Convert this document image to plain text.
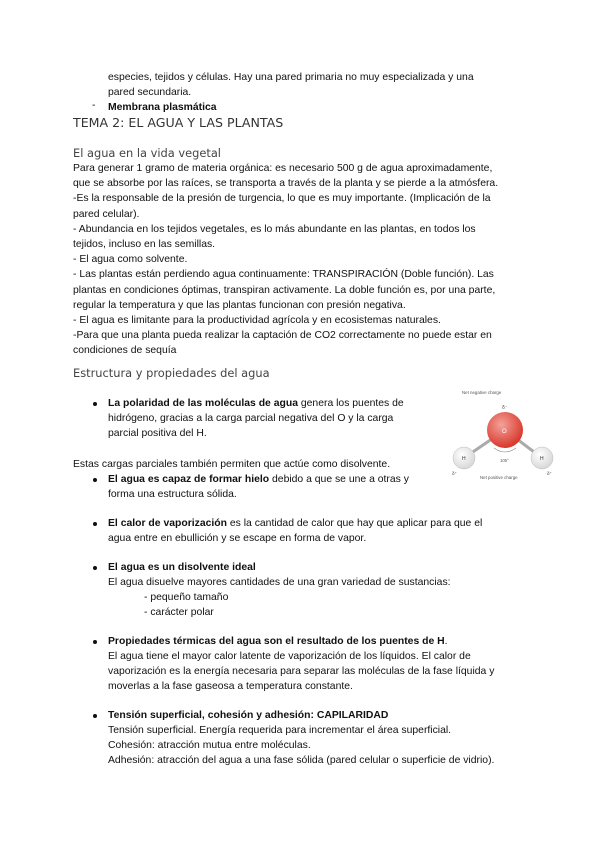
especies, tejidos y células. Hay una pared primaria no muy especializada y una

pared secundaria.

- Membrana plasmática

TEMA 2: EL AGUA Y LAS PLANTAS
El agua en la vida vegetal

Para generar 1 gramo de materia orgánica: es necesario 500 g de agua aproximadamente,

que se absorbe por las raíces, se transporta a través de la planta y se pierde a la atmósfera.

-Es la responsable de la presión de turgencia, lo que es muy importante. (Implicación de la

pared celular).

- Abundancia en los tejidos vegetales, es lo más abundante en las plantas, en todos los

tejidos, incluso en las semillas.

- El agua como solvente.

- Las plantas están perdiendo agua continuamente: TRANSPIRACIÓN (Doble función). Las

plantas en condiciones óptimas, transpiran activamente. La doble función es, por una parte,

regular la temperatura y que las plantas funcionan con presión negativa.

- El agua es limitante para la productividad agrícola y en ecosistemas naturales.

-Para que una planta pueda realizar la captación de CO2 correctamente no puede estar en

condiciones de sequía

Estructura y propiedades del agua

La polaridad de las moléculas de agua genera los puentes de

hidrógeno, gracias a la carga parcial negativa del O y la carga

parcial positiva del H.

Estas cargas parciales también permiten que actúe como disolvente.

El agua es capaz de formar hielo debido a que se une a otras y

forma una estructura sólida.

El calor de vaporización es la cantidad de calor que hay que aplicar para que el

agua entre en ebullición y se escape en forma de vapor.

El agua es un disolvente ideal

El agua disuelve mayores cantidades de una gran variedad de sustancias:

- pequeño tamaño

- carácter polar

Propiedades térmicas del agua son el resultado de los puentes de H.

El agua tiene el mayor calor latente de vaporización de los líquidos. El calor de

vaporización es la energía necesaria para separar las moléculas de la fase líquida y

moverlas a la fase gaseosa a temperatura constante.

Tensión superficial, cohesión y adhesión: CAPILARIDAD

Tensión superficial. Energía requerida para incrementar el área superficial.

Cohesión: atracción mutua entre moléculas.

Adhesión: atracción del agua a una fase sólida (pared celular o superficie de vidrio).

Net negative charge
δ⁻
O
H	H
105°
δ⁺	δ⁺
Net positive charge
